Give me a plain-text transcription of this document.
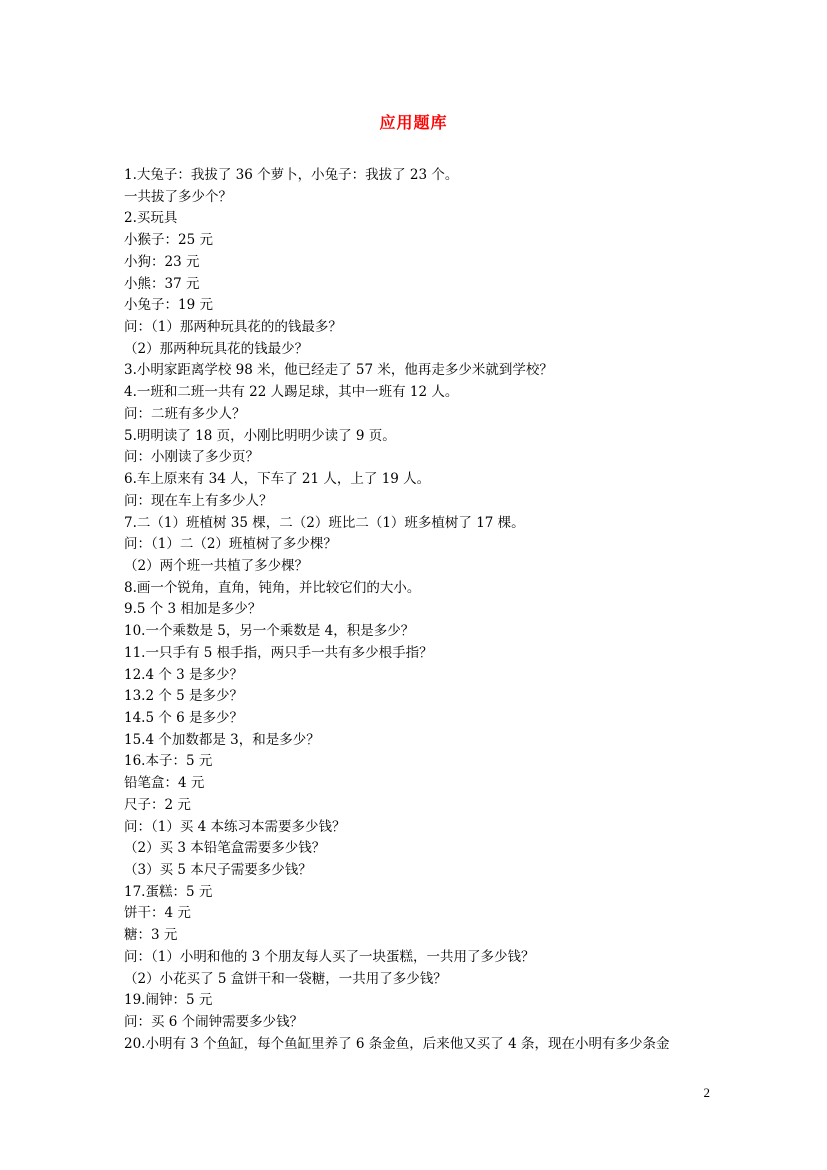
应用题库
1.大兔子：我拔了 36 个萝卜，小兔子：我拔了 23 个。
一共拔了多少个？
2.买玩具
小猴子：25 元
小狗：23 元
小熊：37 元
小兔子：19 元
问：（1）那两种玩具花的的钱最多？
（2）那两种玩具花的钱最少？
3.小明家距离学校 98 米，他已经走了 57 米，他再走多少米就到学校？
4.一班和二班一共有 22 人踢足球，其中一班有 12 人。
问：二班有多少人？
5.明明读了 18 页，小刚比明明少读了 9 页。
问：小刚读了多少页？
6.车上原来有 34 人，下车了 21 人，上了 19 人。
问：现在车上有多少人？
7.二（1）班植树 35 棵，二（2）班比二（1）班多植树了 17 棵。
问：（1）二（2）班植树了多少棵？
（2）两个班一共植了多少棵？
8.画一个锐角，直角，钝角，并比较它们的大小。
9.5 个 3 相加是多少？
10.一个乘数是 5，另一个乘数是 4，积是多少？
11.一只手有 5 根手指，两只手一共有多少根手指？
12.4 个 3 是多少？
13.2 个 5 是多少？
14.5 个 6 是多少？
15.4 个加数都是 3，和是多少？
16.本子：5 元
铅笔盒：4 元
尺子：2 元
问：（1）买 4 本练习本需要多少钱？
（2）买 3 本铅笔盒需要多少钱？
（3）买 5 本尺子需要多少钱？
17.蛋糕：5 元
饼干：4 元
糖：3 元
问：（1）小明和他的 3 个朋友每人买了一块蛋糕，一共用了多少钱？
（2）小花买了 5 盒饼干和一袋糖，一共用了多少钱？
19.闹钟：5 元
问：买 6 个闹钟需要多少钱？
20.小明有 3 个鱼缸，每个鱼缸里养了 6 条金鱼，后来他又买了 4 条，现在小明有多少条金
2
